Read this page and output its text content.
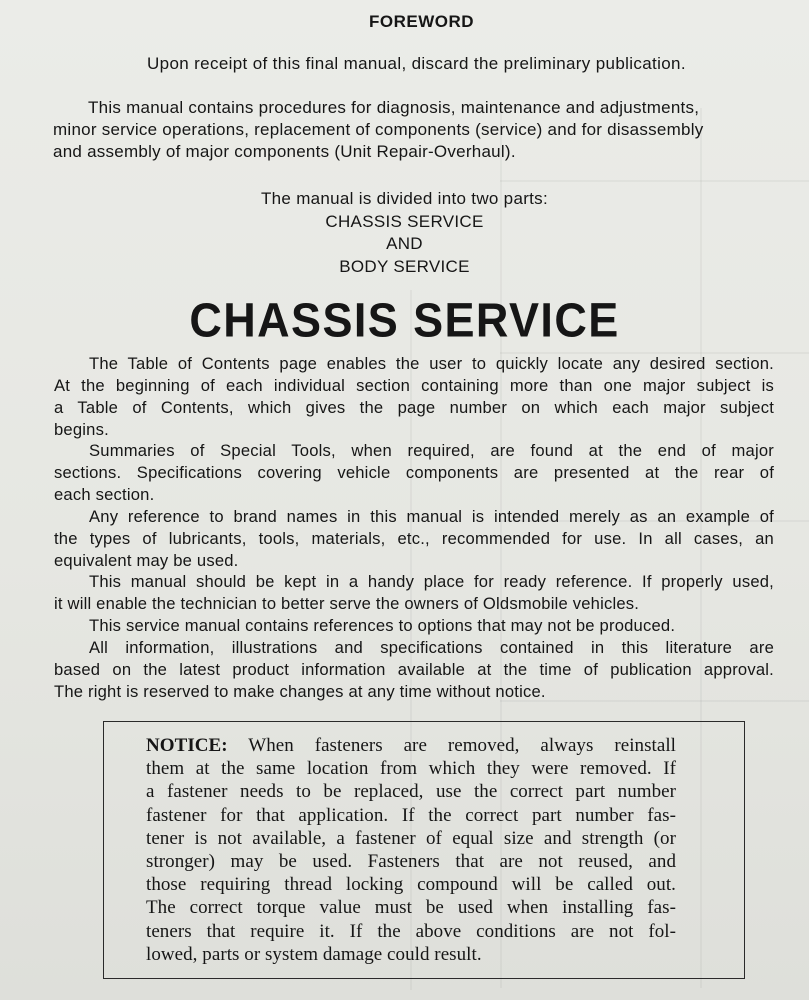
FOREWORD
Upon receipt of this final manual, discard the preliminary publication.
This manual contains procedures for diagnosis, maintenance and adjustments,
minor service operations, replacement of components (service) and for disassembly
and assembly of major components (Unit Repair-Overhaul).
The manual is divided into two parts:
CHASSIS SERVICE
AND
BODY SERVICE
CHASSIS SERVICE
The Table of Contents page enables the user to quickly locate any desired section.
At the beginning of each individual section containing more than one major subject is
a Table of Contents, which gives the page number on which each major subject
begins.
Summaries of Special Tools, when required, are found at the end of major
sections. Specifications covering vehicle components are presented at the rear of
each section.
Any reference to brand names in this manual is intended merely as an example of
the types of lubricants, tools, materials, etc., recommended for use. In all cases, an
equivalent may be used.
This manual should be kept in a handy place for ready reference. If properly used,
it will enable the technician to better serve the owners of Oldsmobile vehicles.
This service manual contains references to options that may not be produced.
All information, illustrations and specifications contained in this literature are
based on the latest product information available at the time of publication approval.
The right is reserved to make changes at any time without notice.
NOTICE: When fasteners are removed, always reinstall
them at the same location from which they were removed. If
a fastener needs to be replaced, use the correct part number
fastener for that application. If the correct part number fas-
tener is not available, a fastener of equal size and strength (or
stronger) may be used. Fasteners that are not reused, and
those requiring thread locking compound will be called out.
The correct torque value must be used when installing fas-
teners that require it. If the above conditions are not fol-
lowed, parts or system damage could result.
